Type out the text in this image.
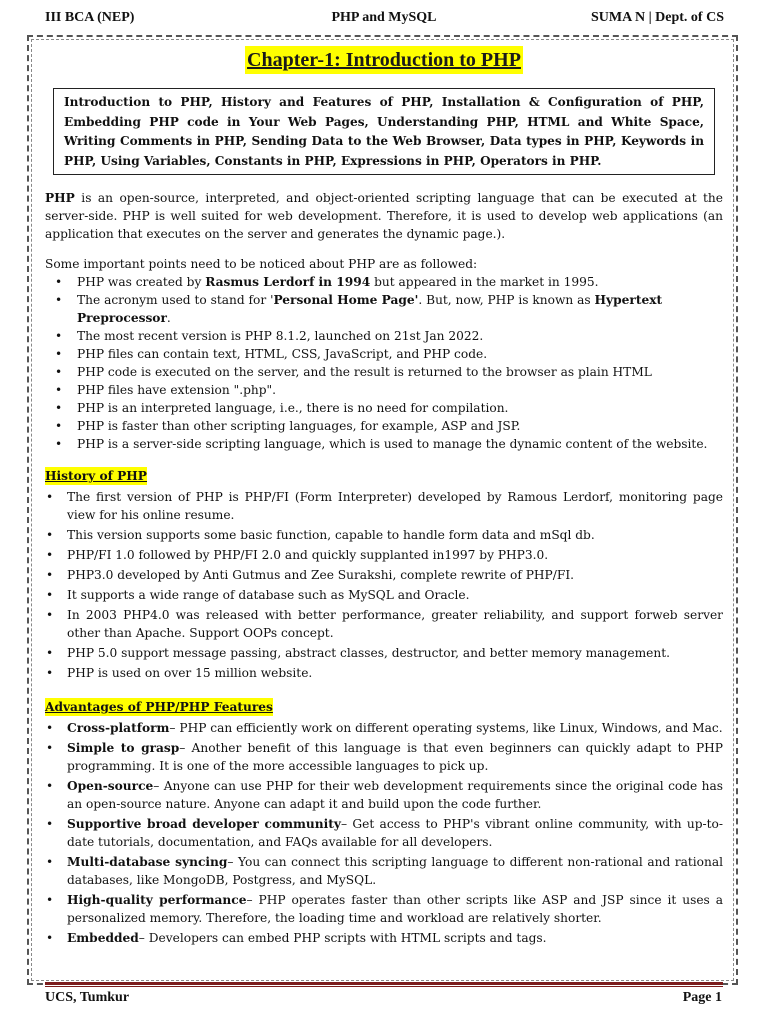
III BCA (NEP)	PHP and MySQL	SUMA N | Dept. of CS
Chapter-1: Introduction to PHP
Introduction to PHP, History and Features of PHP, Installation & Configuration of PHP, Embedding PHP code in Your Web Pages, Understanding PHP, HTML and White Space, Writing Comments in PHP, Sending Data to the Web Browser, Data types in PHP, Keywords in PHP, Using Variables, Constants in PHP, Expressions in PHP, Operators in PHP.

PHP is an open-source, interpreted, and object-oriented scripting language that can be executed at the server-side. PHP is well suited for web development. Therefore, it is used to develop web applications (an application that executes on the server and generates the dynamic page.).

Some important points need to be noticed about PHP are as followed:

• PHP was created by Rasmus Lerdorf in 1994 but appeared in the market in 1995.
• The acronym used to stand for 'Personal Home Page'. But, now, PHP is known as Hypertext Preprocessor.
• The most recent version is PHP 8.1.2, launched on 21st Jan 2022.
• PHP files can contain text, HTML, CSS, JavaScript, and PHP code.
• PHP code is executed on the server, and the result is returned to the browser as plain HTML
• PHP files have extension ".php".
• PHP is an interpreted language, i.e., there is no need for compilation.
• PHP is faster than other scripting languages, for example, ASP and JSP.
• PHP is a server-side scripting language, which is used to manage the dynamic content of the website.
History of PHP
• The first version of PHP is PHP/FI (Form Interpreter) developed by Ramous Lerdorf, monitoring page view for his online resume.
• This version supports some basic function, capable to handle form data and mSql db.
• PHP/FI 1.0 followed by PHP/FI 2.0 and quickly supplanted in1997 by PHP3.0.
• PHP3.0 developed by Anti Gutmus and Zee Surakshi, complete rewrite of PHP/FI.
• It supports a wide range of database such as MySQL and Oracle.
• In 2003 PHP4.0 was released with better performance, greater reliability, and support forweb server other than Apache. Support OOPs concept.
• PHP 5.0 support message passing, abstract classes, destructor, and better memory management.
• PHP is used on over 15 million website.
Advantages of PHP/PHP Features
• Cross-platform– PHP can efficiently work on different operating systems, like Linux, Windows, and Mac.
• Simple to grasp– Another benefit of this language is that even beginners can quickly adapt to PHP programming. It is one of the more accessible languages to pick up.
• Open-source– Anyone can use PHP for their web development requirements since the original code has an open-source nature. Anyone can adapt it and build upon the code further.
• Supportive broad developer community– Get access to PHP's vibrant online community, with up-to-date tutorials, documentation, and FAQs available for all developers.
• Multi-database syncing– You can connect this scripting language to different non-rational and rational databases, like MongoDB, Postgress, and MySQL.
• High-quality performance– PHP operates faster than other scripts like ASP and JSP since it uses a personalized memory. Therefore, the loading time and workload are relatively shorter.
• Embedded– Developers can embed PHP scripts with HTML scripts and tags.
UCS, Tumkur	Page 1
